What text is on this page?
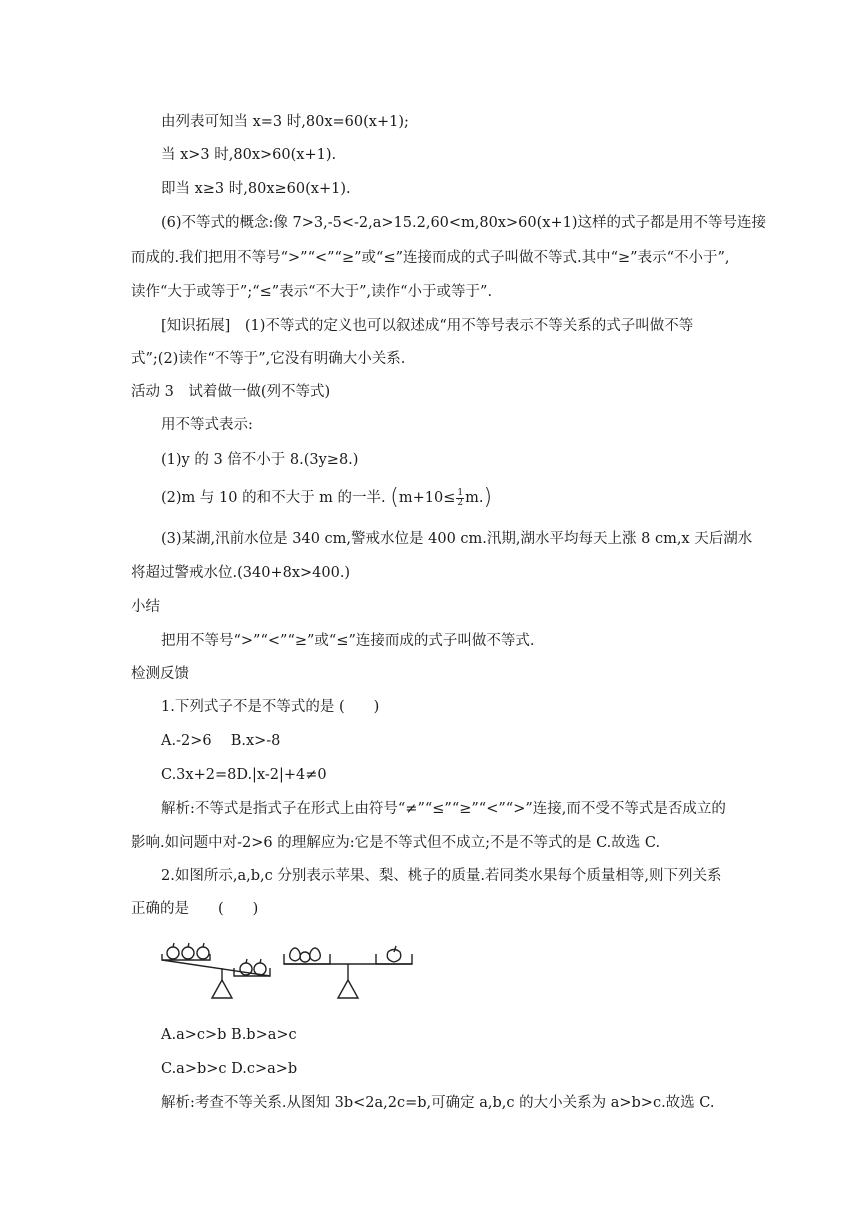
由列表可知当 x=3 时,80x=60(x+1);
当 x>3 时,80x>60(x+1).
即当 x≥3 时,80x≥60(x+1).
(6)不等式的概念:像 7>3,-5<-2,a>15.2,60<m,80x>60(x+1)这样的式子都是用不等号连接
而成的.我们把用不等号“>”“<”“≥”或“≤”连接而成的式子叫做不等式.其中“≥”表示“不小于”,
读作“大于或等于”;“≤”表示“不大于”,读作“小于或等于”.
[知识拓展]　(1)不等式的定义也可以叙述成“用不等号表示不等关系的式子叫做不等
式”;(2)读作“不等于”,它没有明确大小关系.
活动 3　试着做一做(列不等式)
用不等式表示:
(1)y 的 3 倍不小于 8.(3y≥8.)
(2)m 与 10 的和不大于 m 的一半. $(m+10\le \frac{1}{2} m.)$
(3)某湖,汛前水位是 340 cm,警戒水位是 400 cm.汛期,湖水平均每天上涨 8 cm,x 天后湖水
将超过警戒水位.(340+8x>400.)
小结
把用不等号“>”“<”“≥”或“≤”连接而成的式子叫做不等式.
检测反馈
1.下列式子不是不等式的是 (　　)
A.-2>6　 B.x>-8
C.3x+2=8D.|x-2|+4≠0
解析:不等式是指式子在形式上由符号“≠”“≤”“≥”“<”“>”连接,而不受不等式是否成立的
影响.如问题中对-2>6 的理解应为:它是不等式但不成立;不是不等式的是 C.故选 C.
2.如图所示,a,b,c 分别表示苹果、梨、桃子的质量.若同类水果每个质量相等,则下列关系
正确的是　　(　　)
A.a>c>b B.b>a>c
C.a>b>c D.c>a>b
解析:考查不等关系.从图知 3b<2a,2c=b,可确定 a,b,c 的大小关系为 a>b>c.故选 C.
